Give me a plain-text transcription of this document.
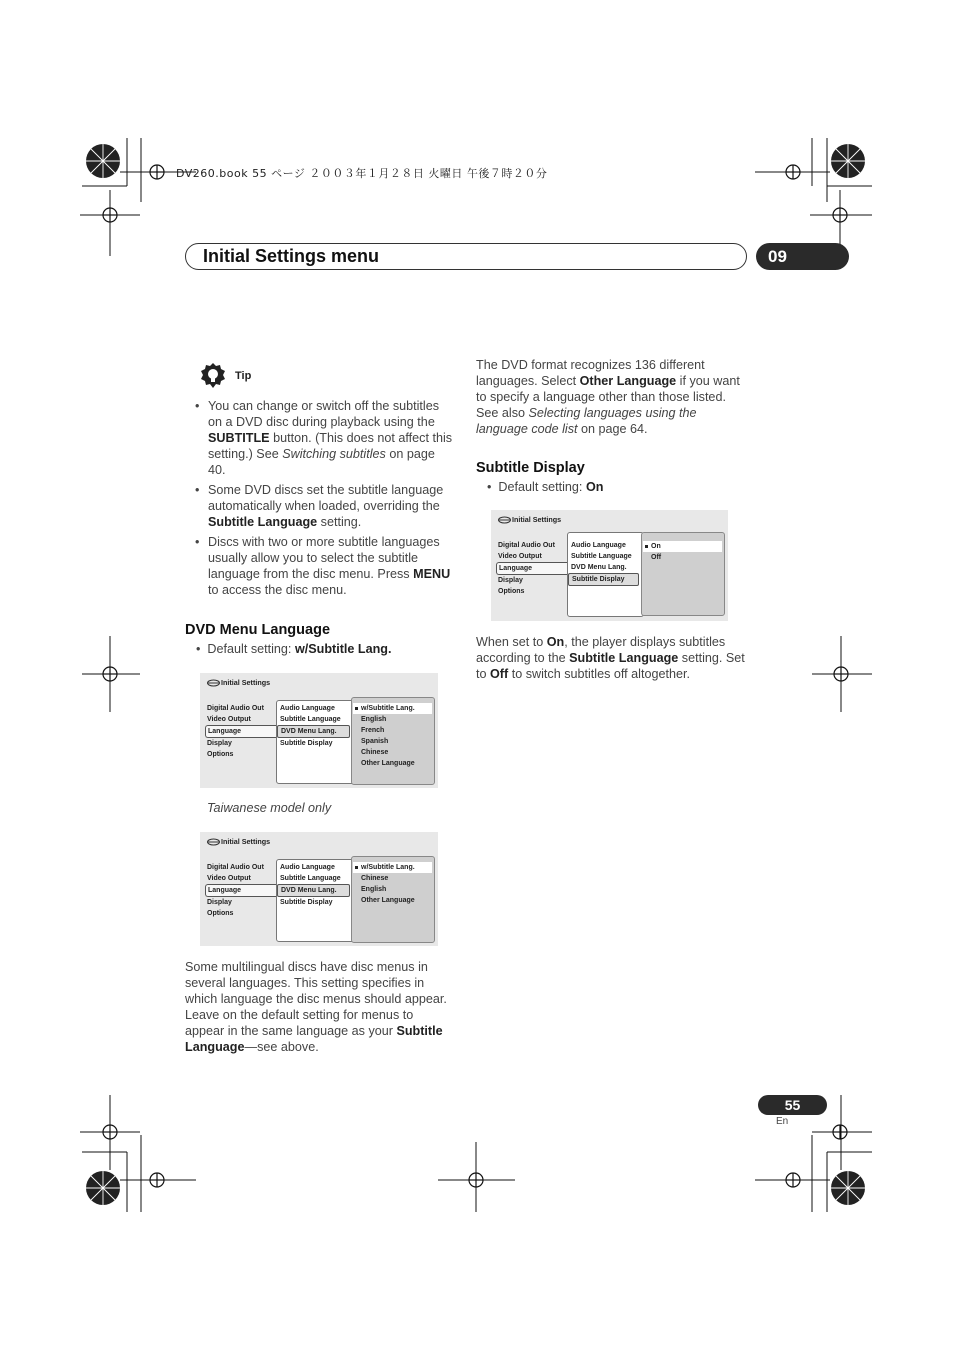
DV260.book 55 ページ ２００３年１月２８日 火曜日 午後７時２０分
Initial Settings menu	09
Tip
• You can change or switch off the subtitles on a DVD disc during playback using the SUBTITLE button. (This does not affect this setting.) See Switching subtitles on page 40.
• Some DVD discs set the subtitle language automatically when loaded, overriding the Subtitle Language setting.
• Discs with two or more subtitle languages usually allow you to select the subtitle language from the disc menu. Press MENU to access the disc menu.
DVD Menu Language
•  Default setting: w/Subtitle Lang.
Initial Settings
Digital Audio Out
Video Output
Language
Display
Options
Audio Language
Subtitle Language
DVD Menu Lang.
Subtitle Display
w/Subtitle Lang.
English
French
Spanish
Chinese
Other Language
Taiwanese model only
Initial Settings
Digital Audio Out
Video Output
Language
Display
Options
Audio Language
Subtitle Language
DVD Menu Lang.
Subtitle Display
w/Subtitle Lang.
Chinese
English
Other Language
Some multilingual discs have disc menus in several languages. This setting specifies in which language the disc menus should appear. Leave on the default setting for menus to appear in the same language as your Subtitle Language—see above.
The DVD format recognizes 136 different languages. Select Other Language if you want to specify a language other than those listed. See also Selecting languages using the language code list on page 64.
Subtitle Display
•  Default setting: On
Initial Settings
Digital Audio Out
Video Output
Language
Display
Options
Audio Language
Subtitle Language
DVD Menu Lang.
Subtitle Display
On
Off
When set to On, the player displays subtitles according to the Subtitle Language setting. Set to Off to switch subtitles off altogether.
55
En
